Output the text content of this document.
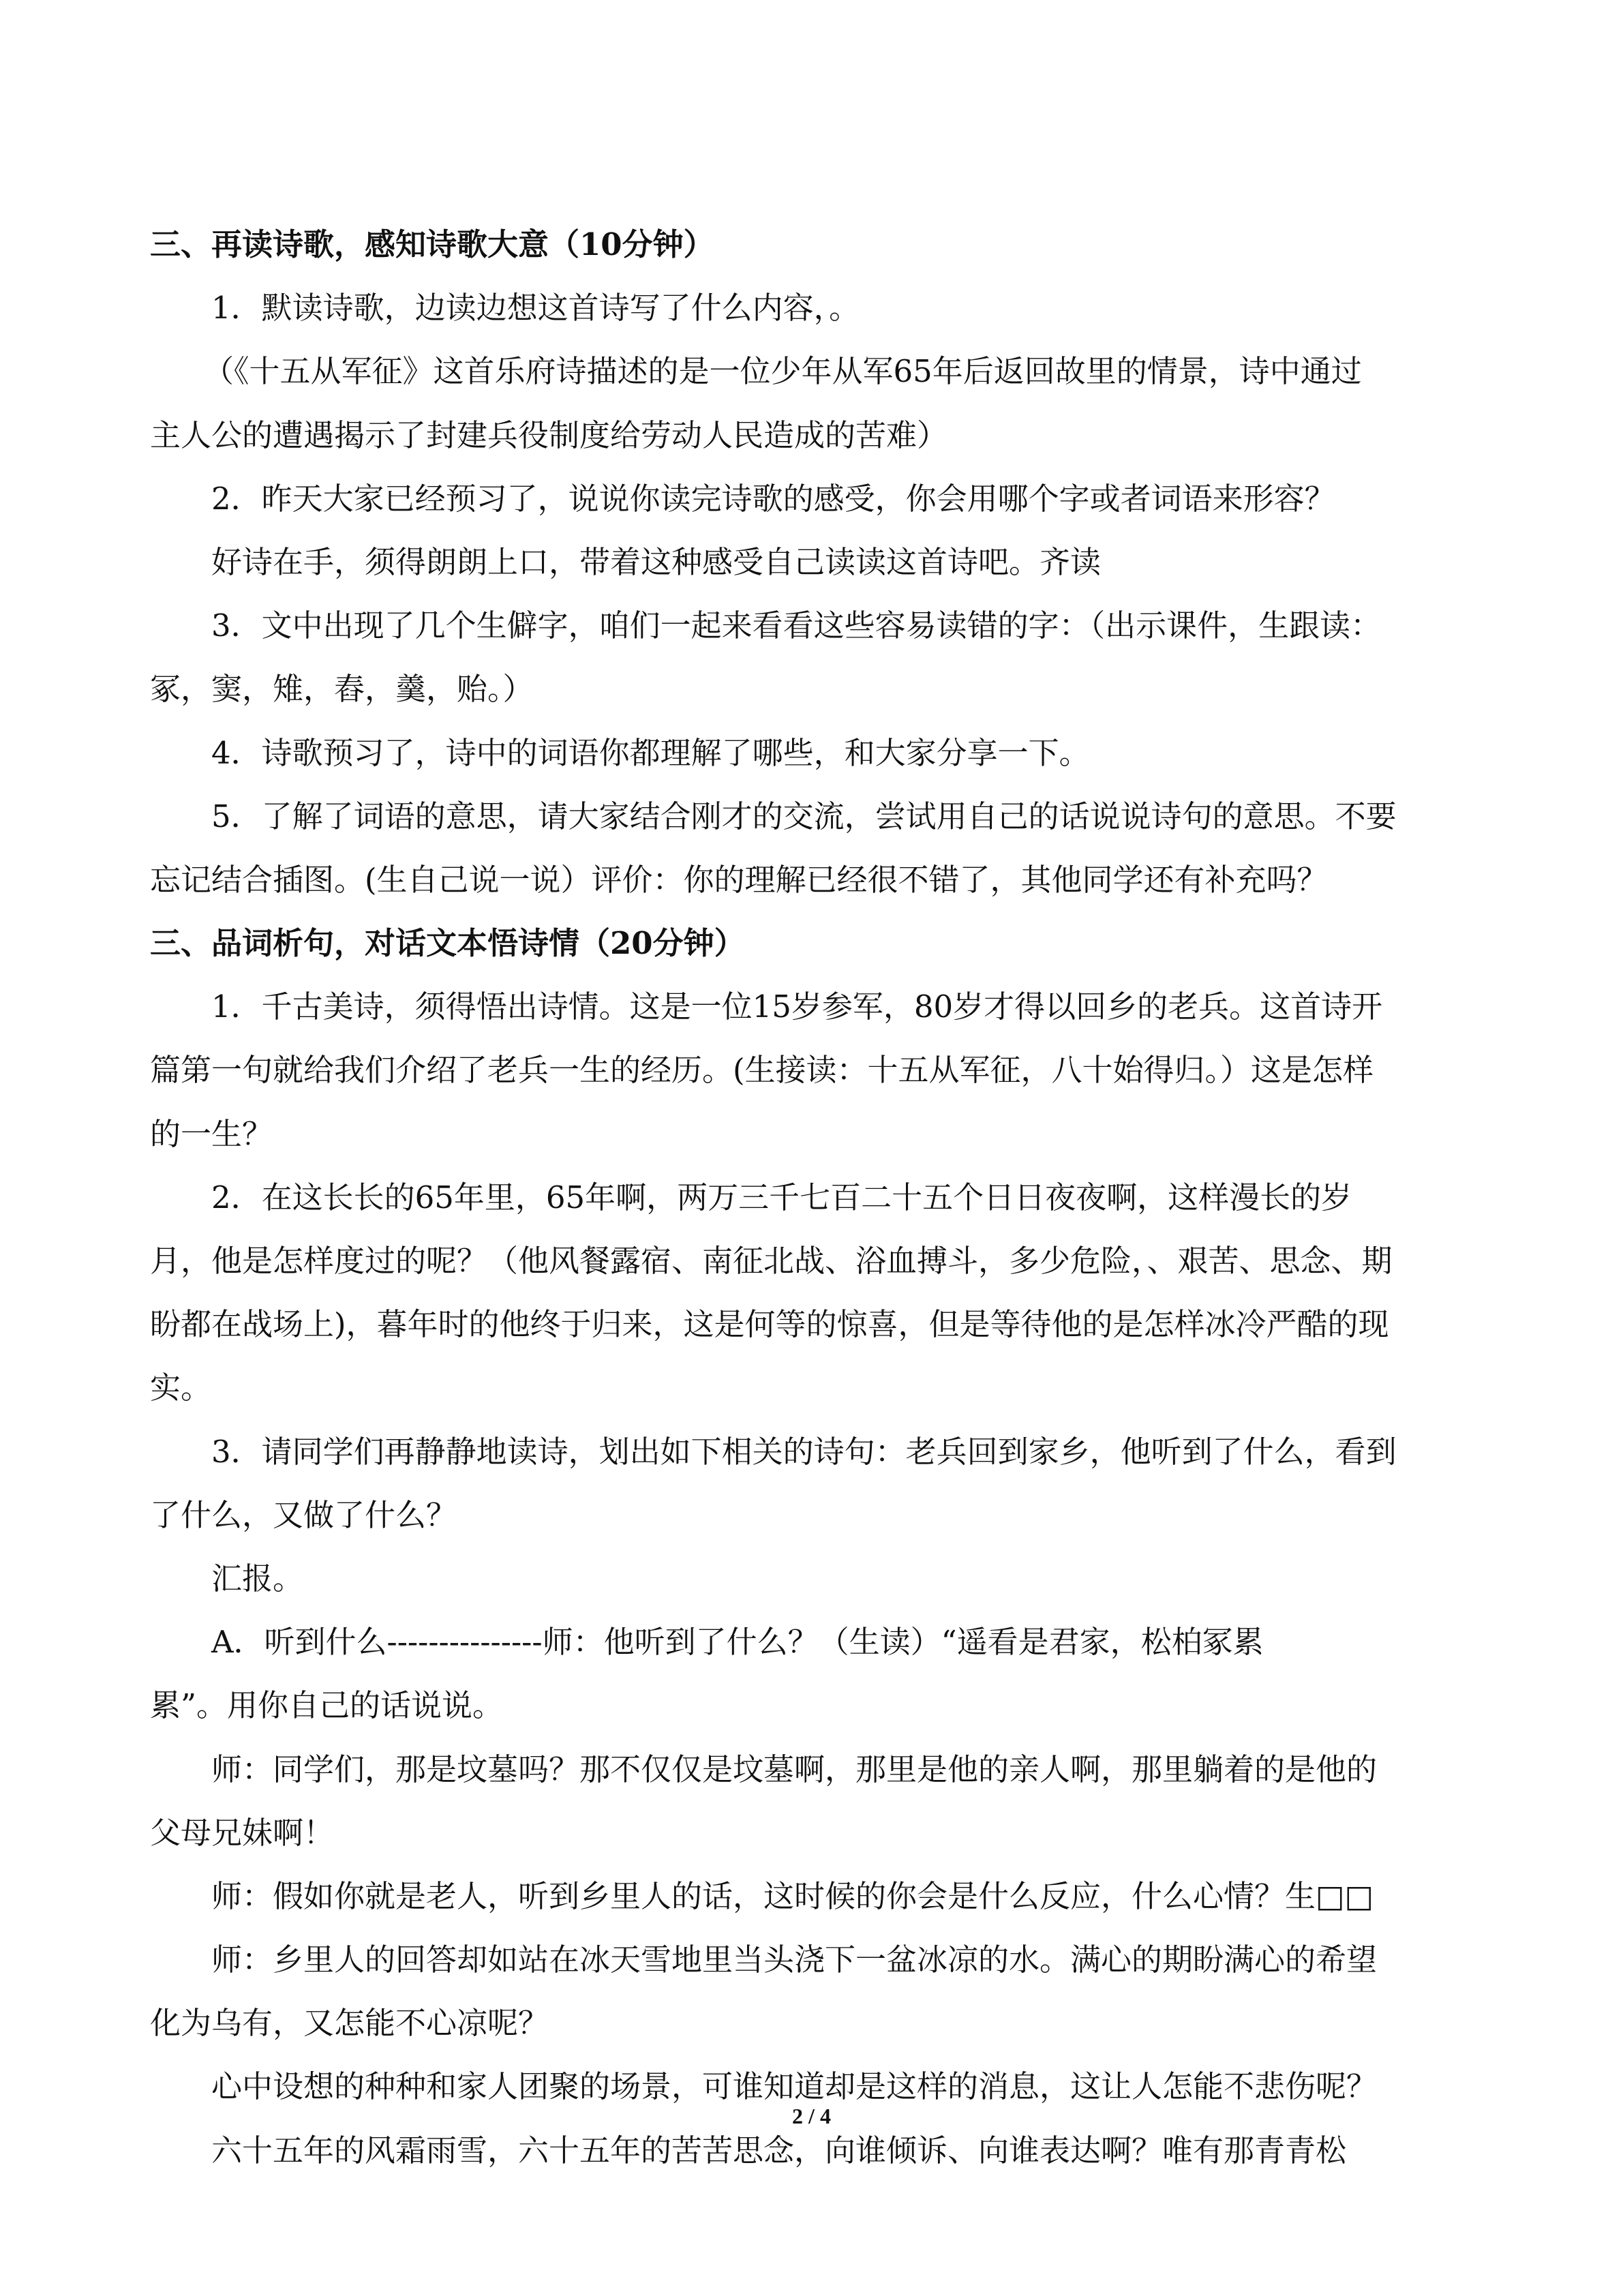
三、再读诗歌，感知诗歌大意（10分钟）
1．默读诗歌，边读边想这首诗写了什么内容，。
（《十五从军征》这首乐府诗描述的是一位少年从军65年后返回故里的情景，诗中通过
主人公的遭遇揭示了封建兵役制度给劳动人民造成的苦难）
2．昨天大家已经预习了，说说你读完诗歌的感受，你会用哪个字或者词语来形容？
好诗在手，须得朗朗上口，带着这种感受自己读读这首诗吧。齐读
3．文中出现了几个生僻字，咱们一起来看看这些容易读错的字：（出示课件，生跟读：
冢，窦，雉，舂，羹，贻。）
4．诗歌预习了，诗中的词语你都理解了哪些，和大家分享一下。
5．了解了词语的意思，请大家结合刚才的交流，尝试用自己的话说说诗句的意思。不要
忘记结合插图。(生自己说一说）评价：你的理解已经很不错了，其他同学还有补充吗？
三、品词析句，对话文本悟诗情（20分钟）
1．千古美诗，须得悟出诗情。这是一位15岁参军，80岁才得以回乡的老兵。这首诗开
篇第一句就给我们介绍了老兵一生的经历。(生接读：十五从军征，八十始得归。）这是怎样
的一生？
2．在这长长的65年里，65年啊，两万三千七百二十五个日日夜夜啊，这样漫长的岁
月，他是怎样度过的呢？（他风餐露宿、南征北战、浴血搏斗，多少危险，、艰苦、思念、期
盼都在战场上)，暮年时的他终于归来，这是何等的惊喜，但是等待他的是怎样冰冷严酷的现
实。
3．请同学们再静静地读诗，划出如下相关的诗句：老兵回到家乡，他听到了什么，看到
了什么，又做了什么？
汇报。
A．听到什么---------------师：他听到了什么？（生读）“遥看是君家，松柏冢累
累”。用你自己的话说说。
师：同学们，那是坟墓吗？那不仅仅是坟墓啊，那里是他的亲人啊，那里躺着的是他的
父母兄妹啊！
师：假如你就是老人，听到乡里人的话，这时候的你会是什么反应，什么心情？生□□
师：乡里人的回答却如站在冰天雪地里当头浇下一盆冰凉的水。满心的期盼满心的希望
化为乌有，又怎能不心凉呢？
心中设想的种种和家人团聚的场景，可谁知道却是这样的消息，这让人怎能不悲伤呢？
六十五年的风霜雨雪，六十五年的苦苦思念，向谁倾诉、向谁表达啊？唯有那青青松
2 / 4
